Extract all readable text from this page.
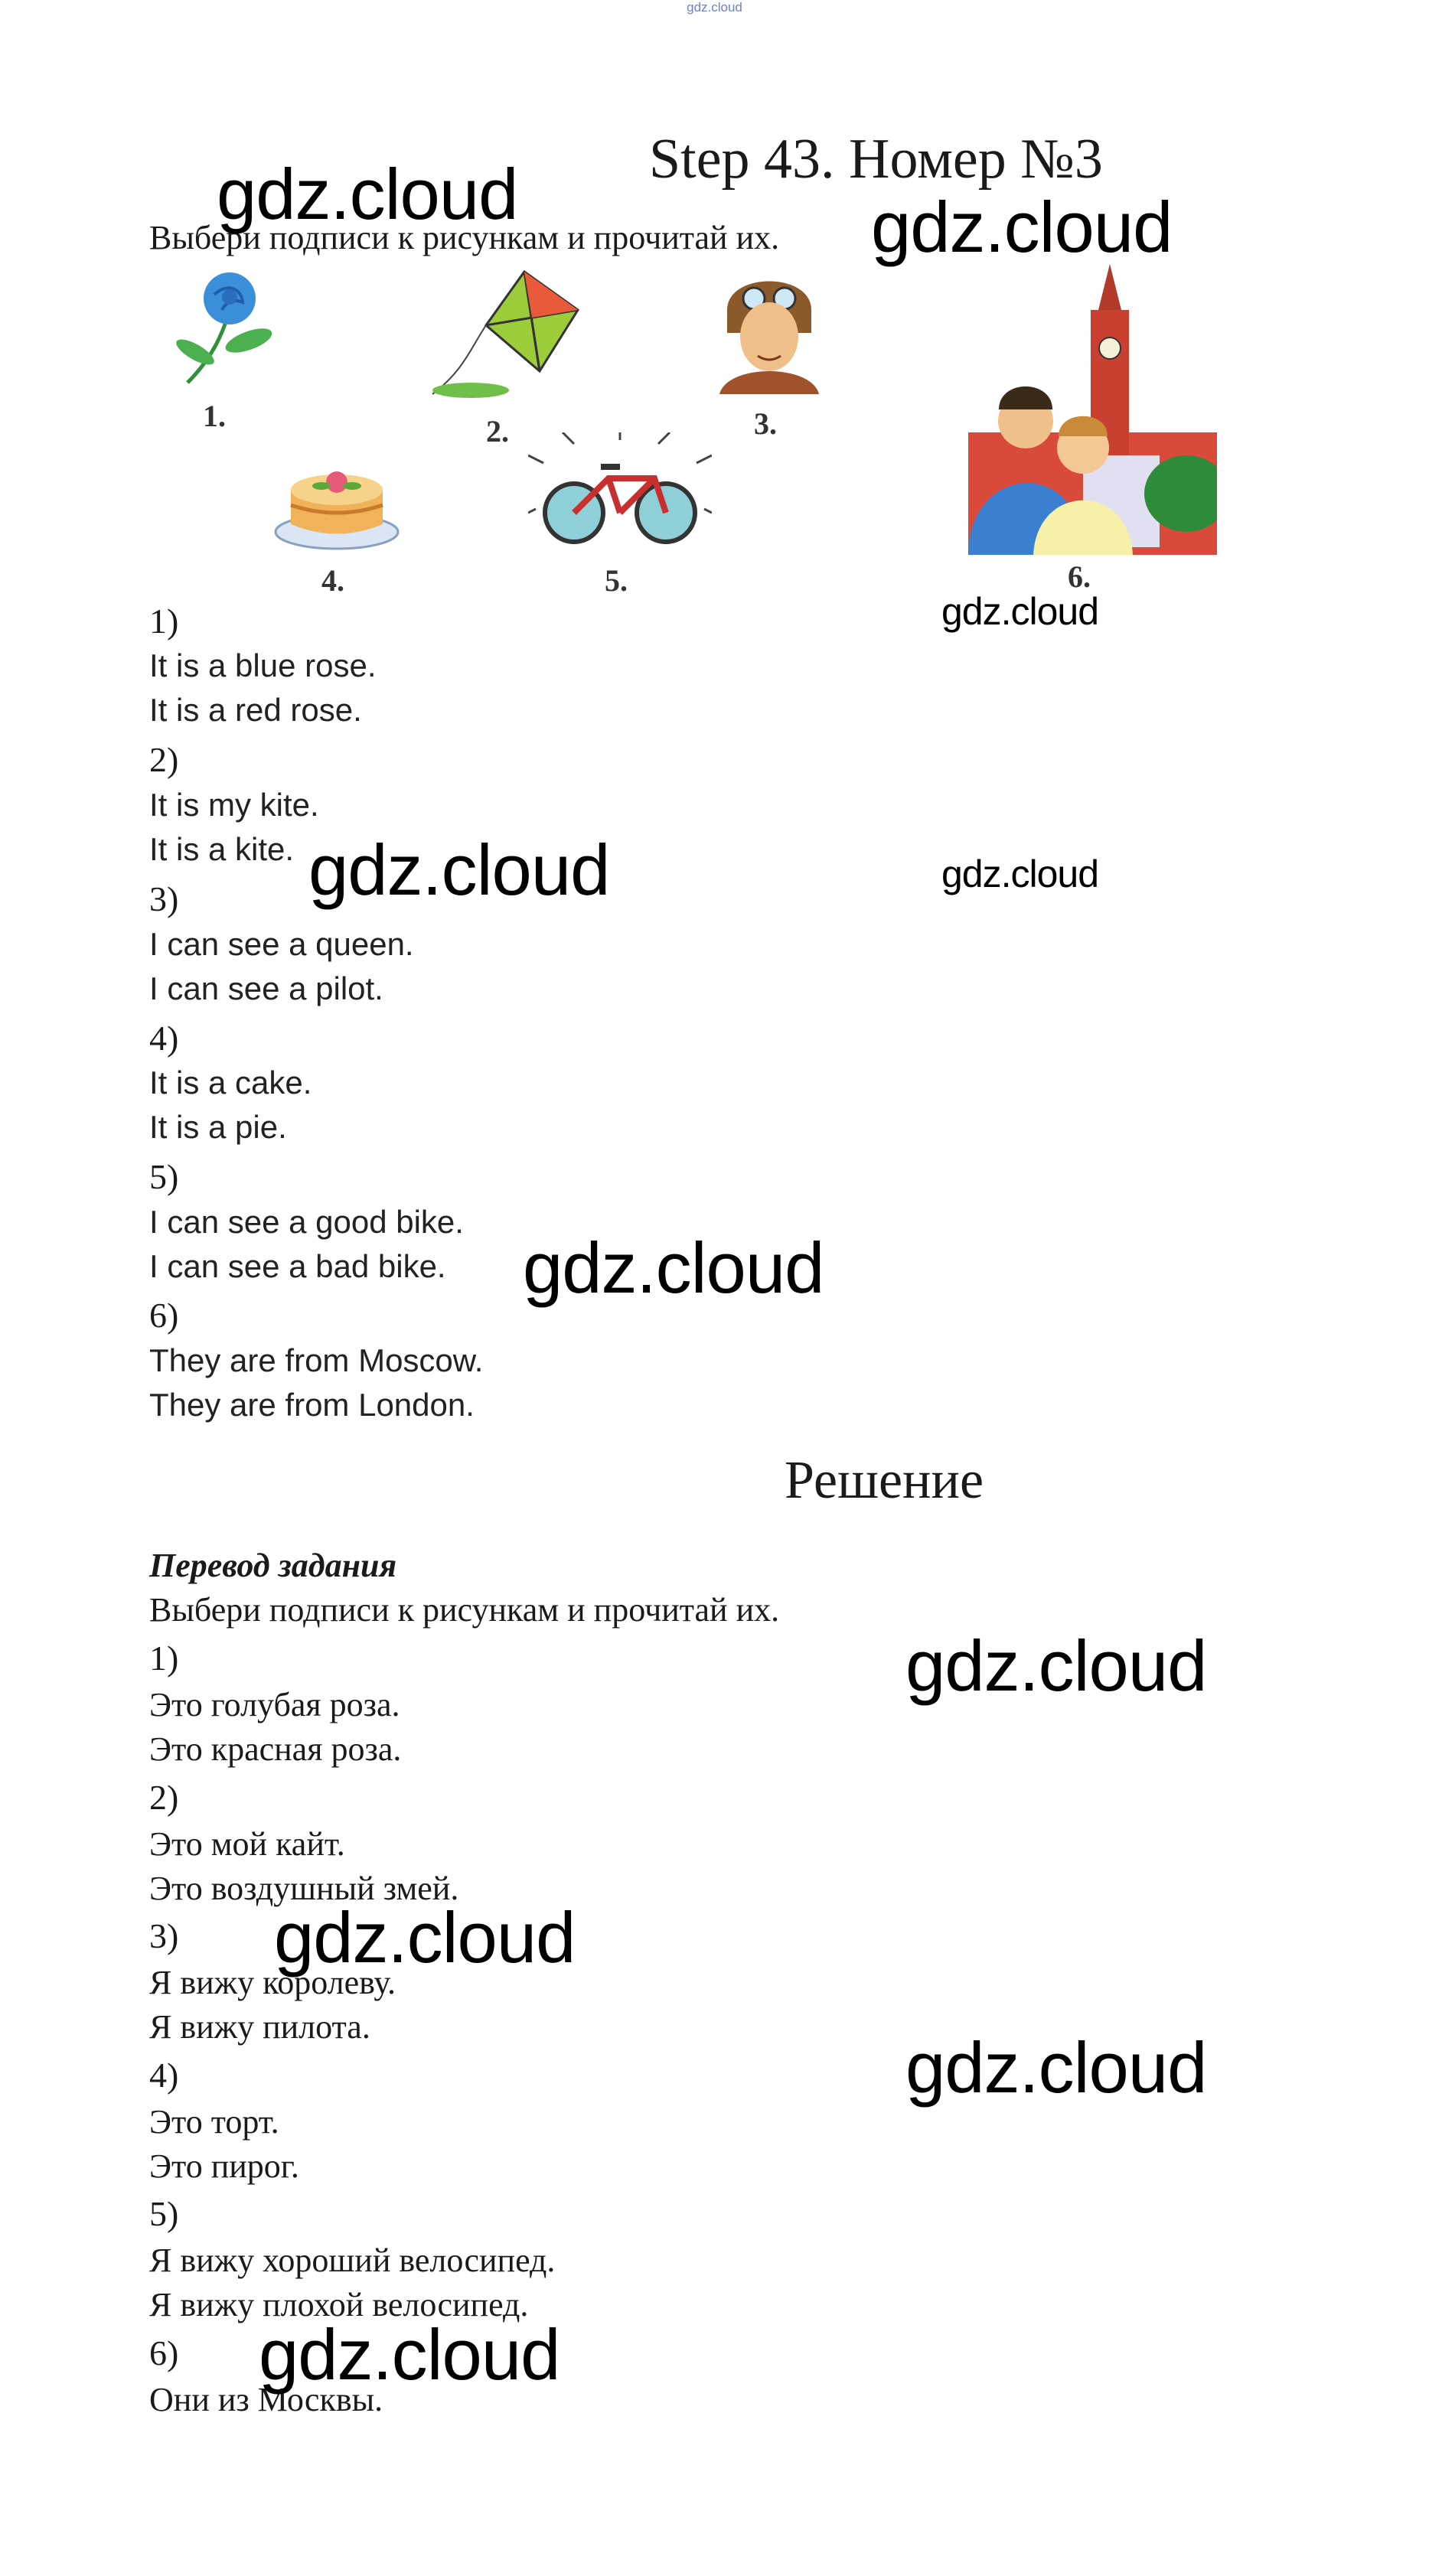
gdz.cloud
Step 43. Номер №3
Выбери подписи к рисункам и прочитай их.
1.	2.	3.
6.
4.	5.
1)
It is a blue rose.
It is a red rose.
2)
It is my kite.
It is a kite.
3)
I can see a queen.
I can see a pilot.
4)
It is a cake.
It is a pie.
5)
I can see a good bike.
I can see a bad bike.
6)
They are from Moscow.
They are from London.
Решение
Перевод задания
Выбери подписи к рисункам и прочитай их.
1)
Это голубая роза.
Это красная роза.
2)
Это мой кайт.
Это воздушный змей.
3)
Я вижу королеву.
Я вижу пилота.
4)
Это торт.
Это пирог.
5)
Я вижу хороший велосипед.
Я вижу плохой велосипед.
6)
Они из Москвы.
gdz.cloud	gdz.cloud
gdz.cloud
gdz.cloud	gdz.cloud
gdz.cloud
gdz.cloud
gdz.cloud
gdz.cloud
gdz.cloud
